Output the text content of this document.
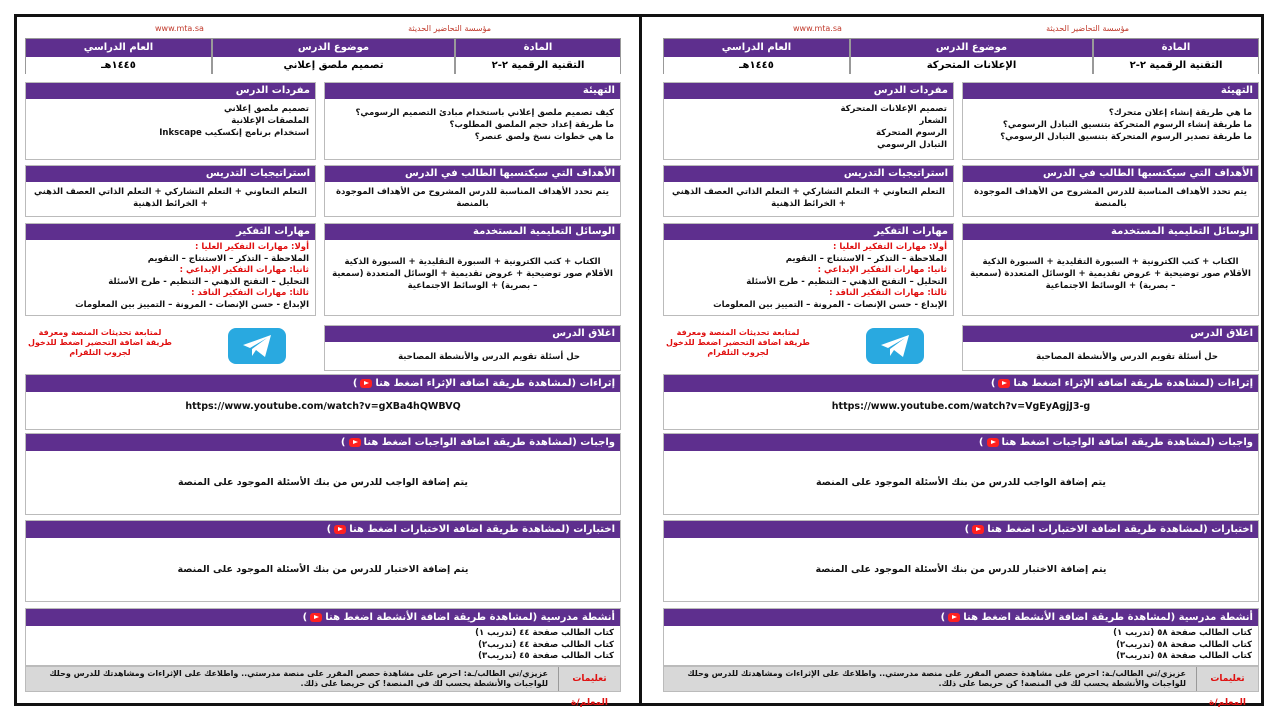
www.mta.sa	مؤسسة التحاضير الحديثة
المادة
التقنية الرقمية ٢-٢
موضوع الدرس
الإعلانات المتحركة
العام الدراسي
١٤٤٥هـ
التهيئة
ما هي طريقة إنشاء إعلان متحرك؟
ما طريقة إنشاء الرسوم المتحركة بتنسيق التبادل الرسومي؟
ما طريقة تصدير الرسوم المتحركة بتنسيق التبادل الرسومي؟
مفردات الدرس
تصميم الإعلانات المتحركة
الشعار
الرسوم المتحركة
التبادل الرسومي
الأهداف التي سيكتسبها الطالب في الدرس
يتم تحدد الأهداف المناسبة للدرس المشروح من الأهداف الموجودة بالمنصة
استراتيجيات التدريس
التعلم التعاوني + التعلم التشاركي + التعلم الذاتي العصف الذهني + الخرائط الذهنية
الوسائل التعليمية المستخدمة
الكتاب + كتب الكترونية + السبورة التقليدية + السبورة الذكية الأقلام صور توضيحية + عروض تقديمية + الوسائل المتعددة (سمعية – بصرية) + الوسائط الاجتماعية
مهارات التفكير
أولا: مهارات التفكير العليا :
الملاحظة – التذكر – الاستنتاج – التقويم
ثانيا: مهارات التفكير الإبداعي :
التحليل – التفتح الذهني – التنظيم - طرح الأسئلة
ثالثا: مهارات التفكير الناقد :
الإبداع - حسن الإنصات - المرونة – التمييز بين المعلومات
اغلاق الدرس
حل أسئلة تقويم الدرس والأنشطة المصاحبة
لمتابعة تحديثات المنصة ومعرفة طريقة اضافة التحضير اضغط للدخول لجروب التلقرام
إثراءات (لمشاهدة طريقة اضافة الإثراء اضغط هنا)
https://www.youtube.com/watch?v=VgEyAgjJ3-g
واجبات (لمشاهدة طريقة اضافة الواجبات اضغط هنا)
يتم إضافة الواجب للدرس من بنك الأسئلة الموجود على المنصة
اختبارات (لمشاهدة طريقة اضافة الاختبارات اضغط هنا)
يتم إضافة الاختبار للدرس من بنك الأسئلة الموجود على المنصة
أنشطة مدرسية (لمشاهدة طريقة اضافة الأنشطة اضغط هنا)
كتاب الطالب صفحة ٥٨ (تدريب ١)
كتاب الطالب صفحة ٥٨ (تدريب٢)
كتاب الطالب صفحة ٥٨ (تدريب٣)
تعليمات المعلم/ة
عزيزي/تي الطالب/ـة: احرص على مشاهدة حصص المقرر على منصة مدرستي.. واطلاعك على الإثراءات ومشاهدتك للدرس وحلك للواجبات والأنشطة يحسب لك في المنصة! كن حريصا على ذلك.
www.mta.sa	مؤسسة التحاضير الحديثة
المادة
التقنية الرقمية ٢-٢
موضوع الدرس
تصميم ملصق إعلاني
العام الدراسي
١٤٤٥هـ
التهيئة
كيف تصميم ملصق إعلاني باستخدام مبادئ التصميم الرسومي؟
ما طريقة إعداد حجم الملصق المطلوب؟
ما هي خطوات نسخ ولصق عنصر؟
مفردات الدرس
تصميم ملصق إعلاني
الملصقات الإعلانية
استخدام برنامج إنكسكيب Inkscape
الأهداف التي سيكتسبها الطالب في الدرس
يتم تحدد الأهداف المناسبة للدرس المشروح من الأهداف الموجودة بالمنصة
استراتيجيات التدريس
التعلم التعاوني + التعلم التشاركي + التعلم الذاتي العصف الذهني + الخرائط الذهنية
الوسائل التعليمية المستخدمة
الكتاب + كتب الكترونية + السبورة التقليدية + السبورة الذكية الأقلام صور توضيحية + عروض تقديمية + الوسائل المتعددة (سمعية – بصرية) + الوسائط الاجتماعية
مهارات التفكير
أولا: مهارات التفكير العليا :
الملاحظة – التذكر – الاستنتاج – التقويم
ثانيا: مهارات التفكير الإبداعي :
التحليل – التفتح الذهني – التنظيم - طرح الأسئلة
ثالثا: مهارات التفكير الناقد :
الإبداع - حسن الإنصات - المرونة – التمييز بين المعلومات
اغلاق الدرس
حل أسئلة تقويم الدرس والأنشطة المصاحبة
لمتابعة تحديثات المنصة ومعرفة طريقة اضافة التحضير اضغط للدخول لجروب التلقرام
إثراءات (لمشاهدة طريقة اضافة الإثراء اضغط هنا)
https://www.youtube.com/watch?v=gXBa4hQWBVQ
واجبات (لمشاهدة طريقة اضافة الواجبات اضغط هنا)
يتم إضافة الواجب للدرس من بنك الأسئلة الموجود على المنصة
اختبارات (لمشاهدة طريقة اضافة الاختبارات اضغط هنا)
يتم إضافة الاختبار للدرس من بنك الأسئلة الموجود على المنصة
أنشطة مدرسية (لمشاهدة طريقة اضافة الأنشطة اضغط هنا)
كتاب الطالب صفحة ٤٤ (تدريب ١)
كتاب الطالب صفحة ٤٤ (تدريب٢)
كتاب الطالب صفحة ٤٥ (تدريب٣)
تعليمات المعلم/ة
عزيزي/تي الطالب/ـة: احرص على مشاهدة حصص المقرر على منصة مدرستي.. واطلاعك على الإثراءات ومشاهدتك للدرس وحلك للواجبات والأنشطة يحسب لك في المنصة! كن حريصا على ذلك.
